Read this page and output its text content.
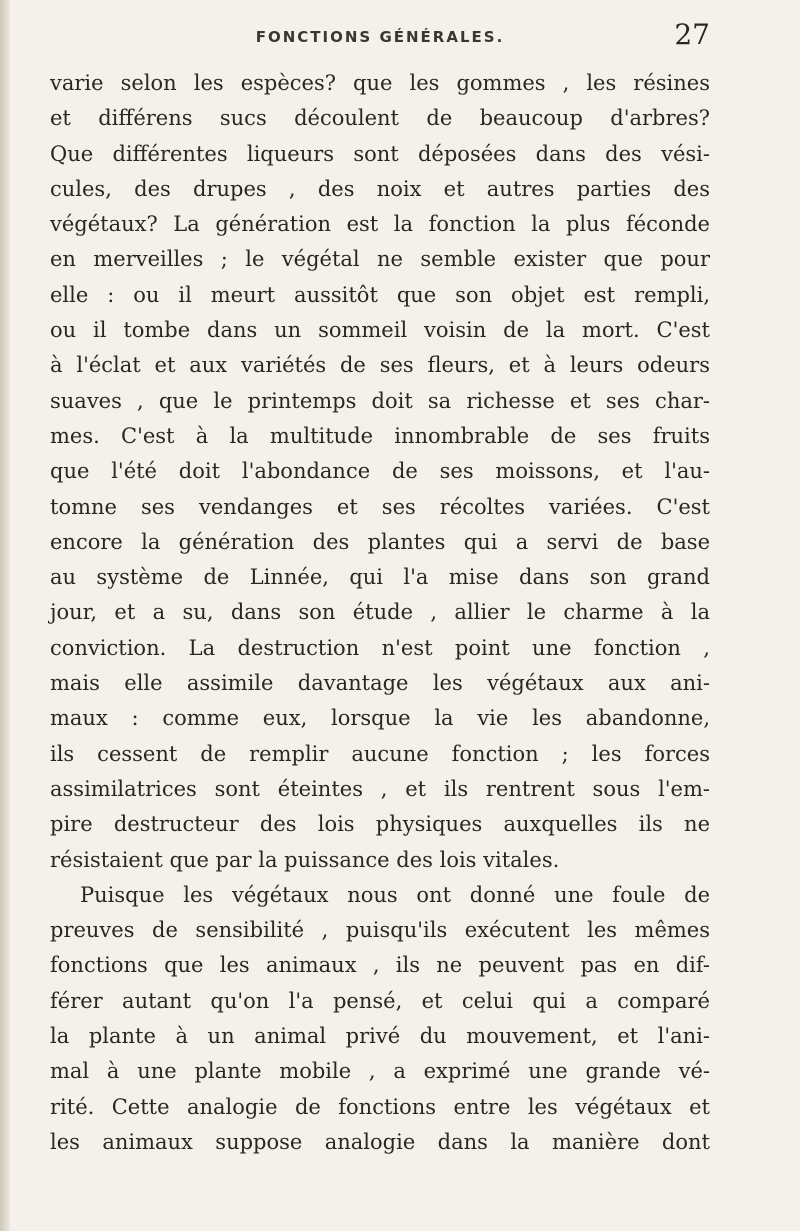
FONCTIONS GÉNÉRALES.	27
varie selon les espèces? que les gommes , les résines
et différens sucs découlent de beaucoup d'arbres?
Que différentes liqueurs sont déposées dans des vési-
cules, des drupes , des noix et autres parties des
végétaux? La génération est la fonction la plus féconde
en merveilles ; le végétal ne semble exister que pour
elle : ou il meurt aussitôt que son objet est rempli,
ou il tombe dans un sommeil voisin de la mort. C'est
à l'éclat et aux variétés de ses fleurs, et à leurs odeurs
suaves , que le printemps doit sa richesse et ses char-
mes. C'est à la multitude innombrable de ses fruits
que l'été doit l'abondance de ses moissons, et l'au-
tomne ses vendanges et ses récoltes variées. C'est
encore la génération des plantes qui a servi de base
au système de Linnée, qui l'a mise dans son grand
jour, et a su, dans son étude , allier le charme à la
conviction. La destruction n'est point une fonction ,
mais elle assimile davantage les végétaux aux ani-
maux : comme eux, lorsque la vie les abandonne,
ils cessent de remplir aucune fonction ; les forces
assimilatrices sont éteintes , et ils rentrent sous l'em-
pire destructeur des lois physiques auxquelles ils ne
résistaient que par la puissance des lois vitales.
Puisque les végétaux nous ont donné une foule de
preuves de sensibilité , puisqu'ils exécutent les mêmes
fonctions que les animaux , ils ne peuvent pas en dif-
férer autant qu'on l'a pensé, et celui qui a comparé
la plante à un animal privé du mouvement, et l'ani-
mal à une plante mobile , a exprimé une grande vé-
rité. Cette analogie de fonctions entre les végétaux et
les animaux suppose analogie dans la manière dont
